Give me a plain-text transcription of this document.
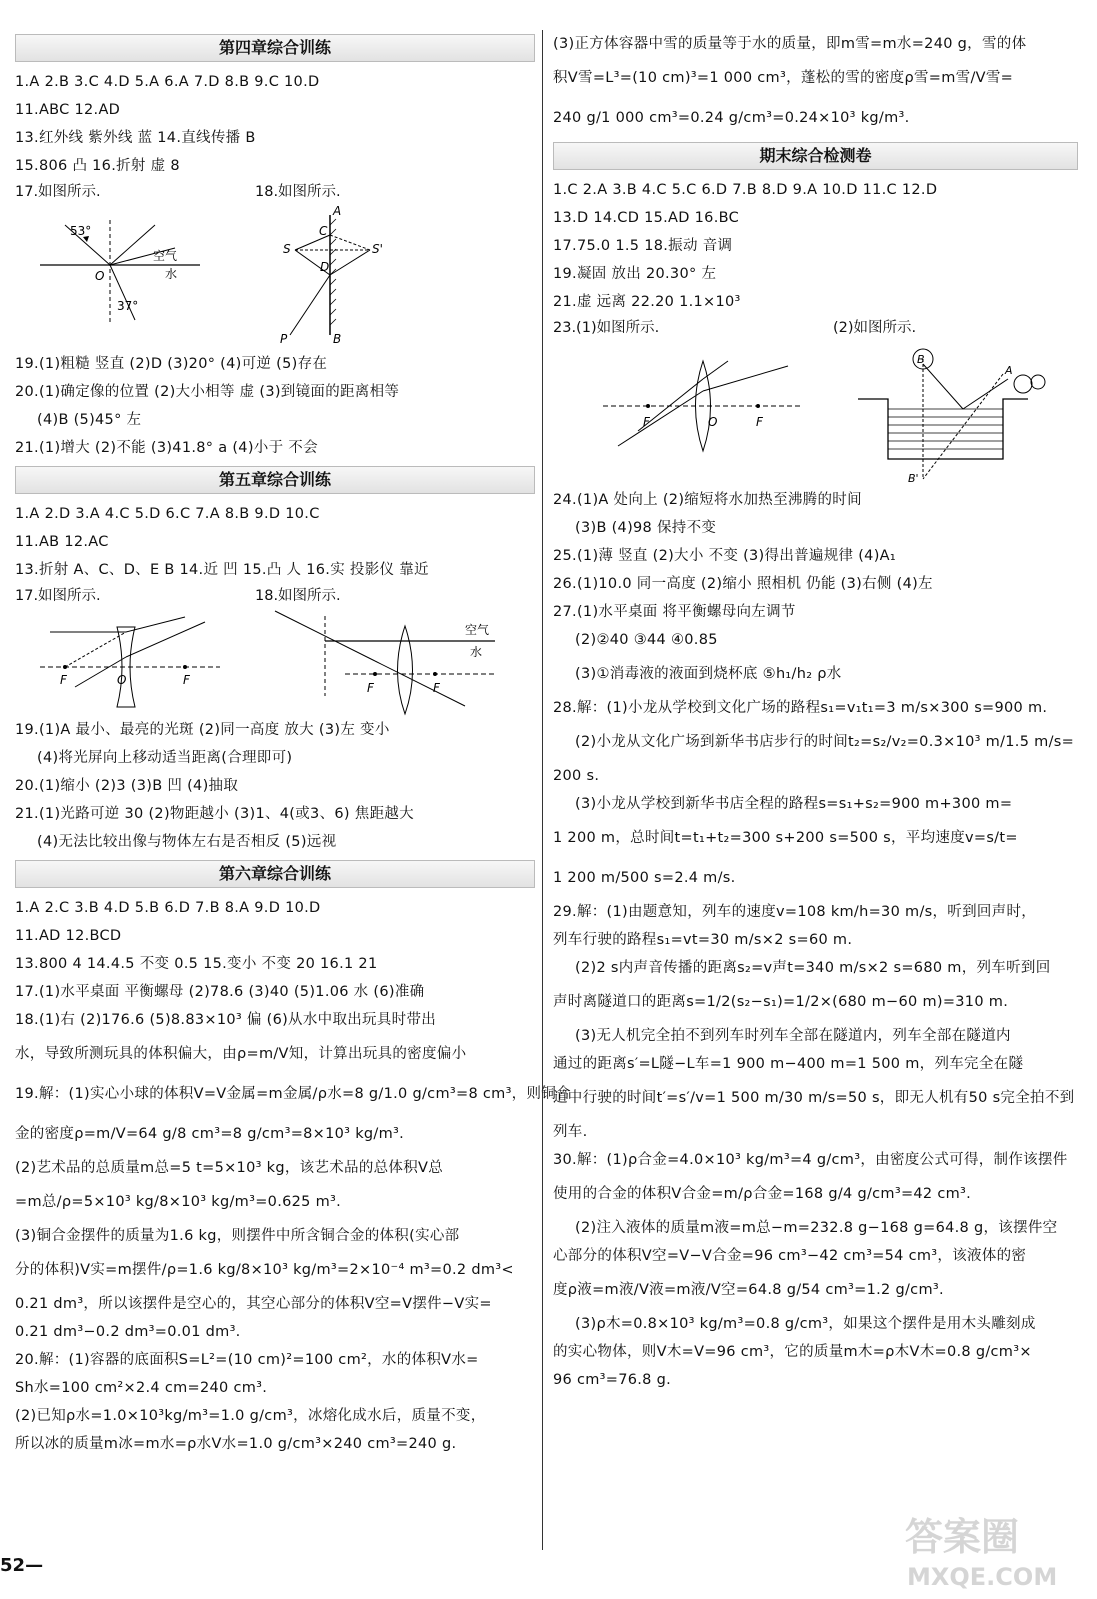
第四章综合训练
1.A 2.B 3.C 4.D 5.A 6.A 7.D 8.B 9.C 10.D
11.ABC 12.AD
13.红外线 紫外线 蓝 14.直线传播 B
15.806 凸 16.折射 虚 8
17.如图所示.	18.如图所示.
53°
O
空气
水
37°
A
C
D
S	S'
B
P
19.(1)粗糙 竖直 (2)D (3)20° (4)可逆 (5)存在
20.(1)确定像的位置 (2)大小相等 虚 (3)到镜面的距离相等
(4)B (5)45° 左
21.(1)增大 (2)不能 (3)41.8° a (4)小于 不会
第五章综合训练
1.A 2.D 3.A 4.C 5.D 6.C 7.A 8.B 9.D 10.C
11.AB 12.AC
13.折射 A、C、D、E B 14.近 凹 15.凸 人 16.实 投影仪 靠近
17.如图所示.	18.如图所示.
F	O	F
F	F
空气
水
19.(1)A 最小、最亮的光斑 (2)同一高度 放大 (3)左 变小
(4)将光屏向上移动适当距离(合理即可)
20.(1)缩小 (2)3 (3)B 凹 (4)抽取
21.(1)光路可逆 30 (2)物距越小 (3)1、4(或3、6) 焦距越大
(4)无法比较出像与物体左右是否相反 (5)远视
第六章综合训练
1.A 2.C 3.B 4.D 5.B 6.D 7.B 8.A 9.D 10.D
11.AD 12.BCD
13.800 4 14.4.5 不变 0.5 15.变小 不变 20 16.1 21
17.(1)水平桌面 平衡螺母 (2)78.6 (3)40 (5)1.06 水 (6)准确
18.(1)右 (2)176.6 (5)8.83×10³ 偏 (6)从水中取出玩具时带出
水，导致所测玩具的体积偏大，由ρ=m/V知，计算出玩具的密度偏小
19.解：(1)实心小球的体积V=V金属=m金属/ρ水=8 g/1.0 g/cm³=8 cm³，则铜合
金的密度ρ=m/V=64 g/8 cm³=8 g/cm³=8×10³ kg/m³.
(2)艺术品的总质量m总=5 t=5×10³ kg，该艺术品的总体积V总
=m总/ρ=5×10³ kg/8×10³ kg/m³=0.625 m³.
(3)铜合金摆件的质量为1.6 kg，则摆件中所含铜合金的体积(实心部
分的体积)V实=m摆件/ρ=1.6 kg/8×10³ kg/m³=2×10⁻⁴ m³=0.2 dm³<
0.21 dm³，所以该摆件是空心的，其空心部分的体积V空=V摆件−V实=
0.21 dm³−0.2 dm³=0.01 dm³.
20.解：(1)容器的底面积S=L²=(10 cm)²=100 cm²，水的体积V水=
Sh水=100 cm²×2.4 cm=240 cm³.
(2)已知ρ水=1.0×10³kg/m³=1.0 g/cm³，冰熔化成水后，质量不变，
所以冰的质量m冰=m水=ρ水V水=1.0 g/cm³×240 cm³=240 g.
(3)正方体容器中雪的质量等于水的质量，即m雪=m水=240 g，雪的体
积V雪=L³=(10 cm)³=1 000 cm³，蓬松的雪的密度ρ雪=m雪/V雪=
240 g/1 000 cm³=0.24 g/cm³=0.24×10³ kg/m³.
期末综合检测卷
1.C 2.A 3.B 4.C 5.C 6.D 7.B 8.D 9.A 10.D 11.C 12.D
13.D 14.CD 15.AD 16.BC
17.75.0 1.5 18.振动 音调
19.凝固 放出 20.30° 左
21.虚 远离 22.20 1.1×10³
23.(1)如图所示.	(2)如图所示.
F	O	F
B
B'
A
24.(1)A 处向上 (2)缩短将水加热至沸腾的时间
(3)B (4)98 保持不变
25.(1)薄 竖直 (2)大小 不变 (3)得出普遍规律 (4)A₁
26.(1)10.0 同一高度 (2)缩小 照相机 仍能 (3)右侧 (4)左
27.(1)水平桌面 将平衡螺母向左调节
(2)②40 ③44 ④0.85
(3)①消毒液的液面到烧杯底 ⑤h₁/h₂ ρ水
28.解：(1)小龙从学校到文化广场的路程s₁=v₁t₁=3 m/s×300 s=900 m.
(2)小龙从文化广场到新华书店步行的时间t₂=s₂/v₂=0.3×10³ m/1.5 m/s=
200 s.
(3)小龙从学校到新华书店全程的路程s=s₁+s₂=900 m+300 m=
1 200 m，总时间t=t₁+t₂=300 s+200 s=500 s，平均速度v=s/t=
1 200 m/500 s=2.4 m/s.
29.解：(1)由题意知，列车的速度v=108 km/h=30 m/s，听到回声时，
列车行驶的路程s₁=vt=30 m/s×2 s=60 m.
(2)2 s内声音传播的距离s₂=v声t=340 m/s×2 s=680 m，列车听到回
声时离隧道口的距离s=1/2(s₂−s₁)=1/2×(680 m−60 m)=310 m.
(3)无人机完全拍不到列车时列车全部在隧道内，列车全部在隧道内
通过的距离s′=L隧−L车=1 900 m−400 m=1 500 m，列车完全在隧
道中行驶的时间t′=s′/v=1 500 m/30 m/s=50 s，即无人机有50 s完全拍不到
列车.
30.解：(1)ρ合金=4.0×10³ kg/m³=4 g/cm³，由密度公式可得，制作该摆件
使用的合金的体积V合金=m/ρ合金=168 g/4 g/cm³=42 cm³.
(2)注入液体的质量m液=m总−m=232.8 g−168 g=64.8 g，该摆件空
心部分的体积V空=V−V合金=96 cm³−42 cm³=54 cm³，该液体的密
度ρ液=m液/V液=m液/V空=64.8 g/54 cm³=1.2 g/cm³.
(3)ρ木=0.8×10³ kg/m³=0.8 g/cm³，如果这个摆件是用木头雕刻成
的实心物体，则V木=V=96 cm³，它的质量m木=ρ木V木=0.8 g/cm³×
96 cm³=76.8 g.
52—
答案圈
MXQE.COM
